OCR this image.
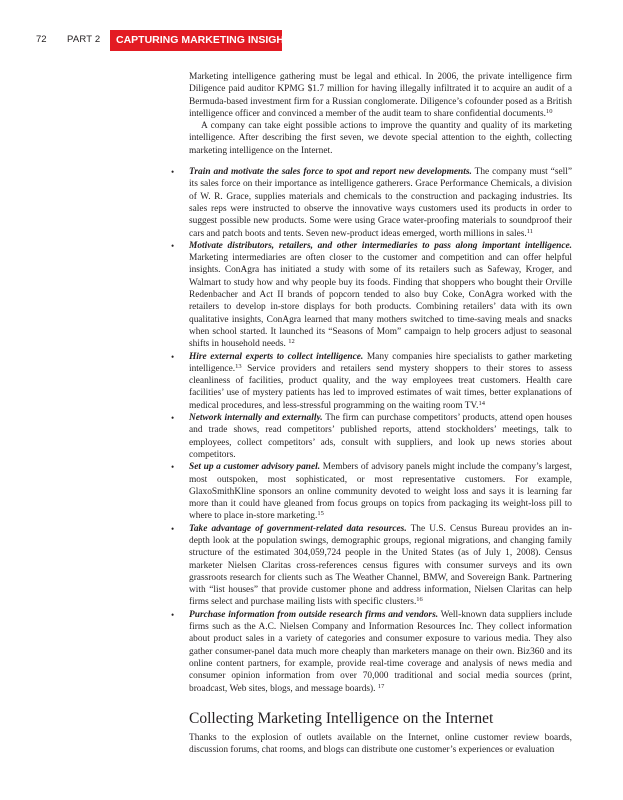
72 PART 2	CAPTURING MARKETING INSIGHTS

Marketing intelligence gathering must be legal and ethical. In 2006, the private intelligence firm Diligence paid auditor KPMG $1.7 million for having illegally infiltrated it to acquire an audit of a Bermuda-based investment firm for a Russian conglomerate. Diligence’s cofounder posed as a British intelligence officer and convinced a member of the audit team to share confidential documents.$^{10}$

A company can take eight possible actions to improve the quantity and quality of its marketing intelligence. After describing the first seven, we devote special attention to the eighth, collecting marketing intelligence on the Internet.

• Train and motivate the sales force to spot and report new developments. The company must “sell” its sales force on their importance as intelligence gatherers. Grace Performance Chemicals, a division of W. R. Grace, supplies materials and chemicals to the construction and packaging industries. Its sales reps were instructed to observe the innovative ways customers used its products in order to suggest possible new products. Some were using Grace water-proofing materials to soundproof their cars and patch boots and tents. Seven new-product ideas emerged, worth millions in sales.$^{11}$
• Motivate distributors, retailers, and other intermediaries to pass along important intelligence. Marketing intermediaries are often closer to the customer and competition and can offer helpful insights. ConAgra has initiated a study with some of its retailers such as Safeway, Kroger, and Walmart to study how and why people buy its foods. Finding that shoppers who bought their Orville Redenbacher and Act II brands of popcorn tended to also buy Coke, ConAgra worked with the retailers to develop in-store displays for both products. Combining retailers’ data with its own qualitative insights, ConAgra learned that many mothers switched to time-saving meals and snacks when school started. It launched its “Seasons of Mom” campaign to help grocers adjust to seasonal shifts in household needs. $^{12}$
• Hire external experts to collect intelligence. Many companies hire specialists to gather marketing intelligence.$^{13}$ Service providers and retailers send mystery shoppers to their stores to assess cleanliness of facilities, product quality, and the way employees treat customers. Health care facilities’ use of mystery patients has led to improved estimates of wait times, better explanations of medical procedures, and less-stressful programming on the waiting room TV.$^{14}$
• Network internally and externally. The firm can purchase competitors’ products, attend open houses and trade shows, read competitors’ published reports, attend stockholders’ meetings, talk to employees, collect competitors’ ads, consult with suppliers, and look up news stories about competitors.
• Set up a customer advisory panel. Members of advisory panels might include the company’s largest, most outspoken, most sophisticated, or most representative customers. For example, GlaxoSmithKline sponsors an online community devoted to weight loss and says it is learning far more than it could have gleaned from focus groups on topics from packaging its weight-loss pill to where to place in-store marketing.$^{15}$
• Take advantage of government-related data resources. The U.S. Census Bureau provides an in-depth look at the population swings, demographic groups, regional migrations, and changing family structure of the estimated 304,059,724 people in the United States (as of July 1, 2008). Census marketer Nielsen Claritas cross-references census figures with consumer surveys and its own grassroots research for clients such as The Weather Channel, BMW, and Sovereign Bank. Partnering with “list houses” that provide customer phone and address information, Nielsen Claritas can help firms select and purchase mailing lists with specific clusters.$^{16}$
• Purchase information from outside research firms and vendors. Well-known data suppliers include firms such as the A.C. Nielsen Company and Information Resources Inc. They collect information about product sales in a variety of categories and consumer exposure to various media. They also gather consumer-panel data much more cheaply than marketers manage on their own. Biz360 and its online content partners, for example, provide real-time coverage and analysis of news media and consumer opinion information from over 70,000 traditional and social media sources (print, broadcast, Web sites, blogs, and message boards). $^{17}$
Collecting Marketing Intelligence on the Internet

Thanks to the explosion of outlets available on the Internet, online customer review boards, discussion forums, chat rooms, and blogs can distribute one customer’s experiences or evaluation
